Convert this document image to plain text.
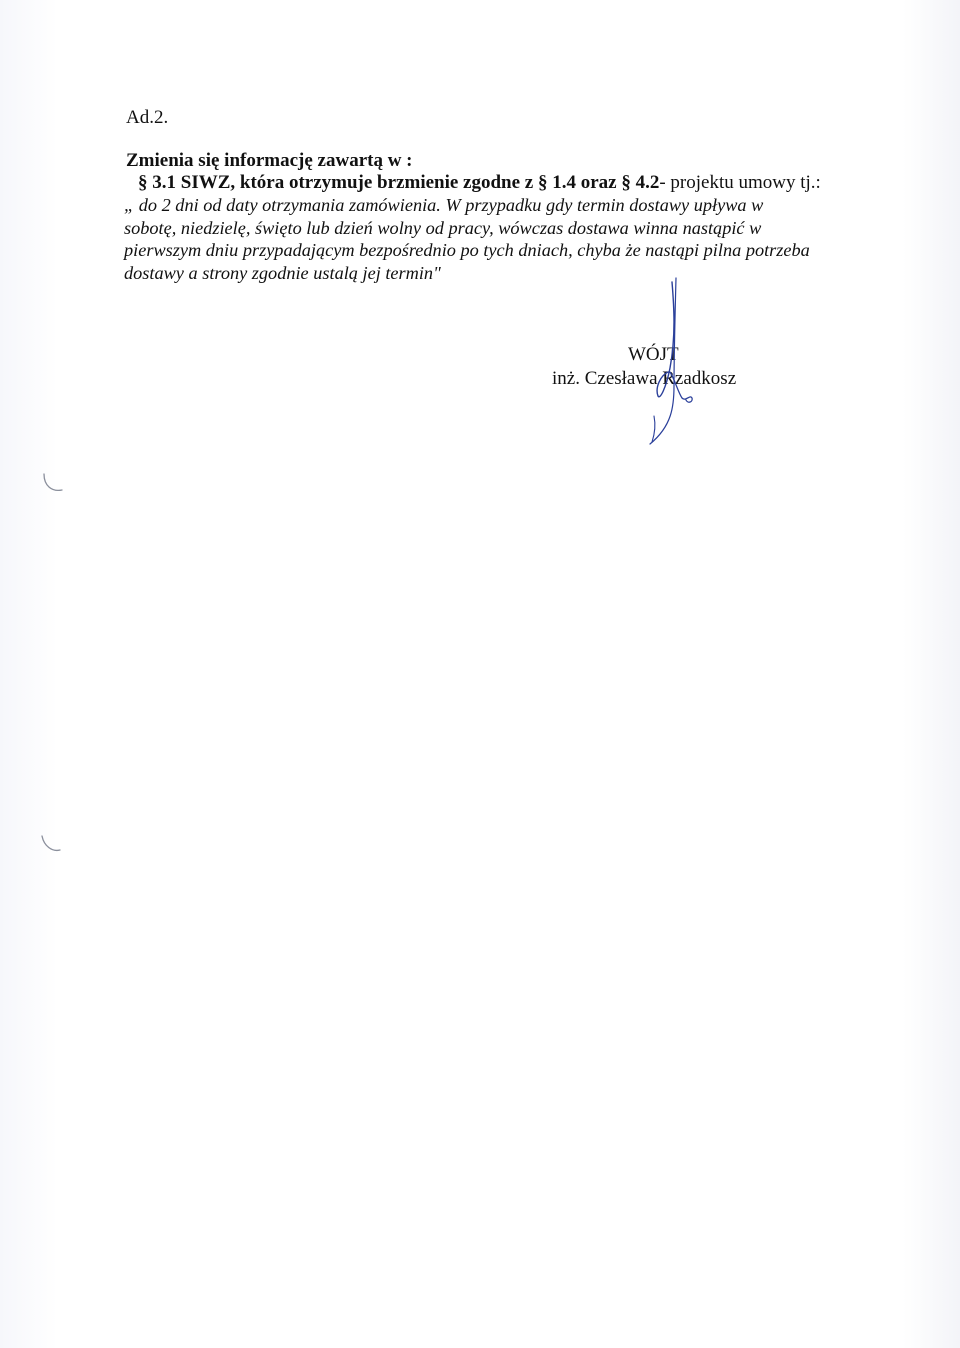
Ad.2.

Zmienia się informację zawartą w :

§ 3.1 SIWZ, która otrzymuje brzmienie zgodne z § 1.4 oraz § 4.2- projektu umowy tj.:

„ do 2 dni od daty otrzymania zamówienia. W przypadku gdy termin dostawy upływa w
sobotę, niedzielę, święto lub dzień wolny od pracy, wówczas dostawa winna nastąpić w
pierwszym dniu przypadającym bezpośrednio po tych dniach, chyba że nastąpi pilna potrzeba
dostawy a strony zgodnie ustalą jej termin"

WÓJT

inż. Czesława Rzadkosz
